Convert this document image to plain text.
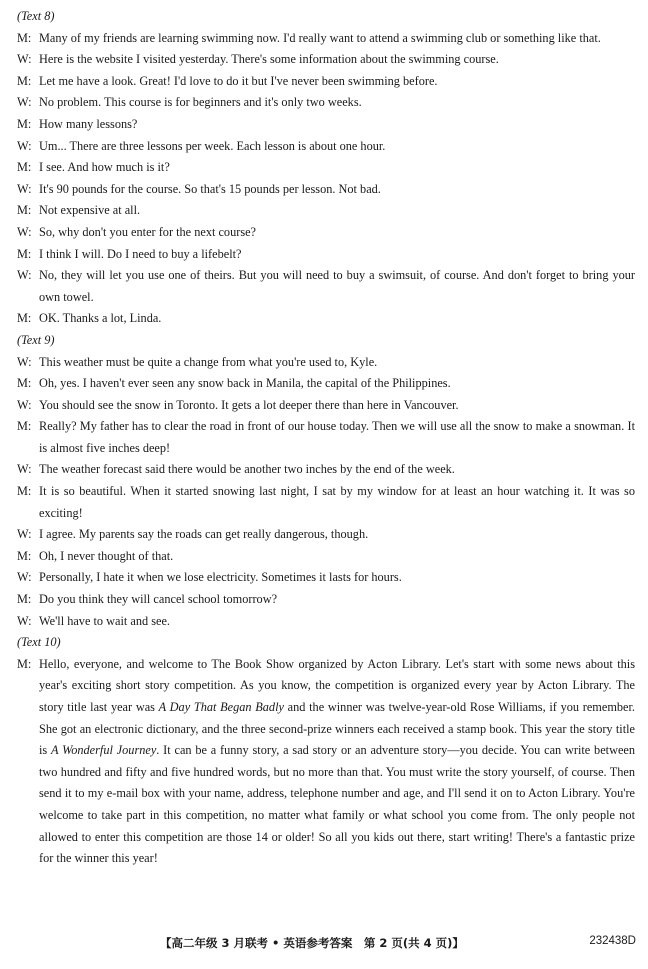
(Text 8)
M: Many of my friends are learning swimming now. I'd really want to attend a swimming club or something like that.
W: Here is the website I visited yesterday. There's some information about the swimming course.
M: Let me have a look. Great! I'd love to do it but I've never been swimming before.
W: No problem. This course is for beginners and it's only two weeks.
M: How many lessons?
W: Um... There are three lessons per week. Each lesson is about one hour.
M: I see. And how much is it?
W: It's 90 pounds for the course. So that's 15 pounds per lesson. Not bad.
M: Not expensive at all.
W: So, why don't you enter for the next course?
M: I think I will. Do I need to buy a lifebelt?
W: No, they will let you use one of theirs. But you will need to buy a swimsuit, of course. And don't forget to bring your own towel.
M: OK. Thanks a lot, Linda.
(Text 9)
W: This weather must be quite a change from what you're used to, Kyle.
M: Oh, yes. I haven't ever seen any snow back in Manila, the capital of the Philippines.
W: You should see the snow in Toronto. It gets a lot deeper there than here in Vancouver.
M: Really? My father has to clear the road in front of our house today. Then we will use all the snow to make a snowman. It is almost five inches deep!
W: The weather forecast said there would be another two inches by the end of the week.
M: It is so beautiful. When it started snowing last night, I sat by my window for at least an hour watching it. It was so exciting!
W: I agree. My parents say the roads can get really dangerous, though.
M: Oh, I never thought of that.
W: Personally, I hate it when we lose electricity. Sometimes it lasts for hours.
M: Do you think they will cancel school tomorrow?
W: We'll have to wait and see.
(Text 10)
M: Hello, everyone, and welcome to The Book Show organized by Acton Library. Let's start with some news about this year's exciting short story competition. As you know, the competition is organized every year by Acton Library. The story title last year was A Day That Began Badly and the winner was twelve-year-old Rose Williams, if you remember. She got an electronic dictionary, and the three second-prize winners each received a stamp book. This year the story title is A Wonderful Journey. It can be a funny story, a sad story or an adventure story—you decide. You can write between two hundred and fifty and five hundred words, but no more than that. You must write the story yourself, of course. Then send it to my e-mail box with your name, address, telephone number and age, and I'll send it on to Acton Library. You're welcome to take part in this competition, no matter what family or what school you come from. The only people not allowed to enter this competition are those 14 or older! So all you kids out there, start writing! There's a fantastic prize for the winner this year!
【高二年级 3 月联考 • 英语参考答案　第 2 页(共 4 页)】	232438D
